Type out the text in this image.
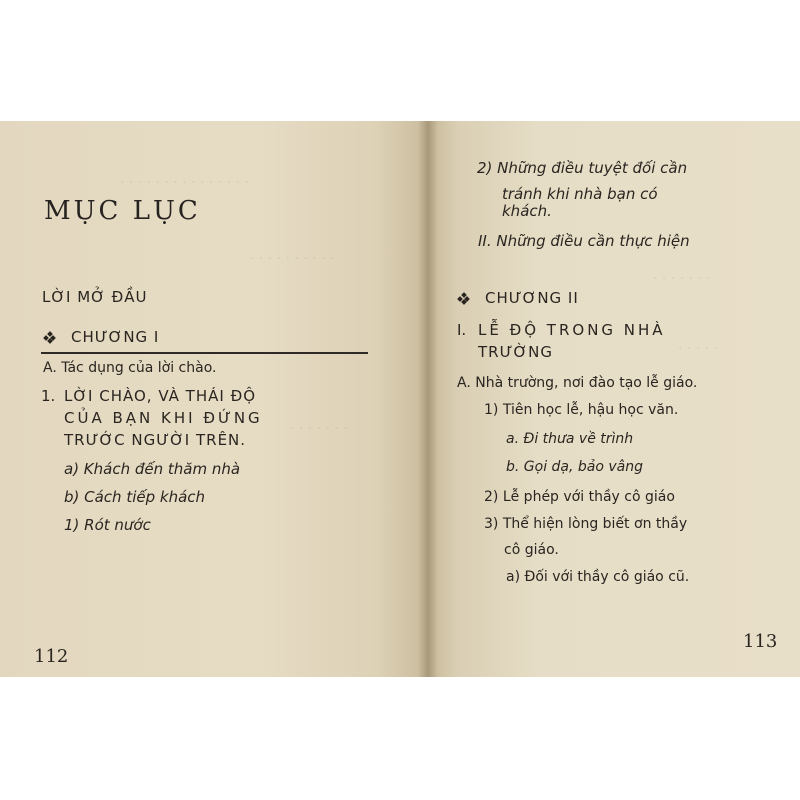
· · · · · · · · · · · · · · ·
· · · · · · · · · ·
· · · · · · ·
MỤC LỤC
LỜI MỞ ĐẦU
CHƯƠNG I
A. Tác dụng của lời chào.
1. LỜI CHÀO, VÀ THÁI ĐỘ
CỦA BẠN KHI ĐỨNG
TRƯỚC NGƯỜI TRÊN.
a) Khách đến thăm nhà
b) Cách tiếp khách
1) Rót nước
112
· · · · · · ·
· · · · ·
2) Những điều tuyệt đối cần
tránh khi nhà bạn có
khách.
II. Những điều cần thực hiện
CHƯƠNG II
I. LỄ ĐỘ TRONG NHÀ
TRƯỜNG
A. Nhà trường, nơi đào tạo lễ giáo.
1) Tiên học lễ, hậu học văn.
a. Đi thưa về trình
b. Gọi dạ, bảo vâng
2) Lễ phép với thầy cô giáo
3) Thể hiện lòng biết ơn thầy
cô giáo.
a) Đối với thầy cô giáo cũ.
113
